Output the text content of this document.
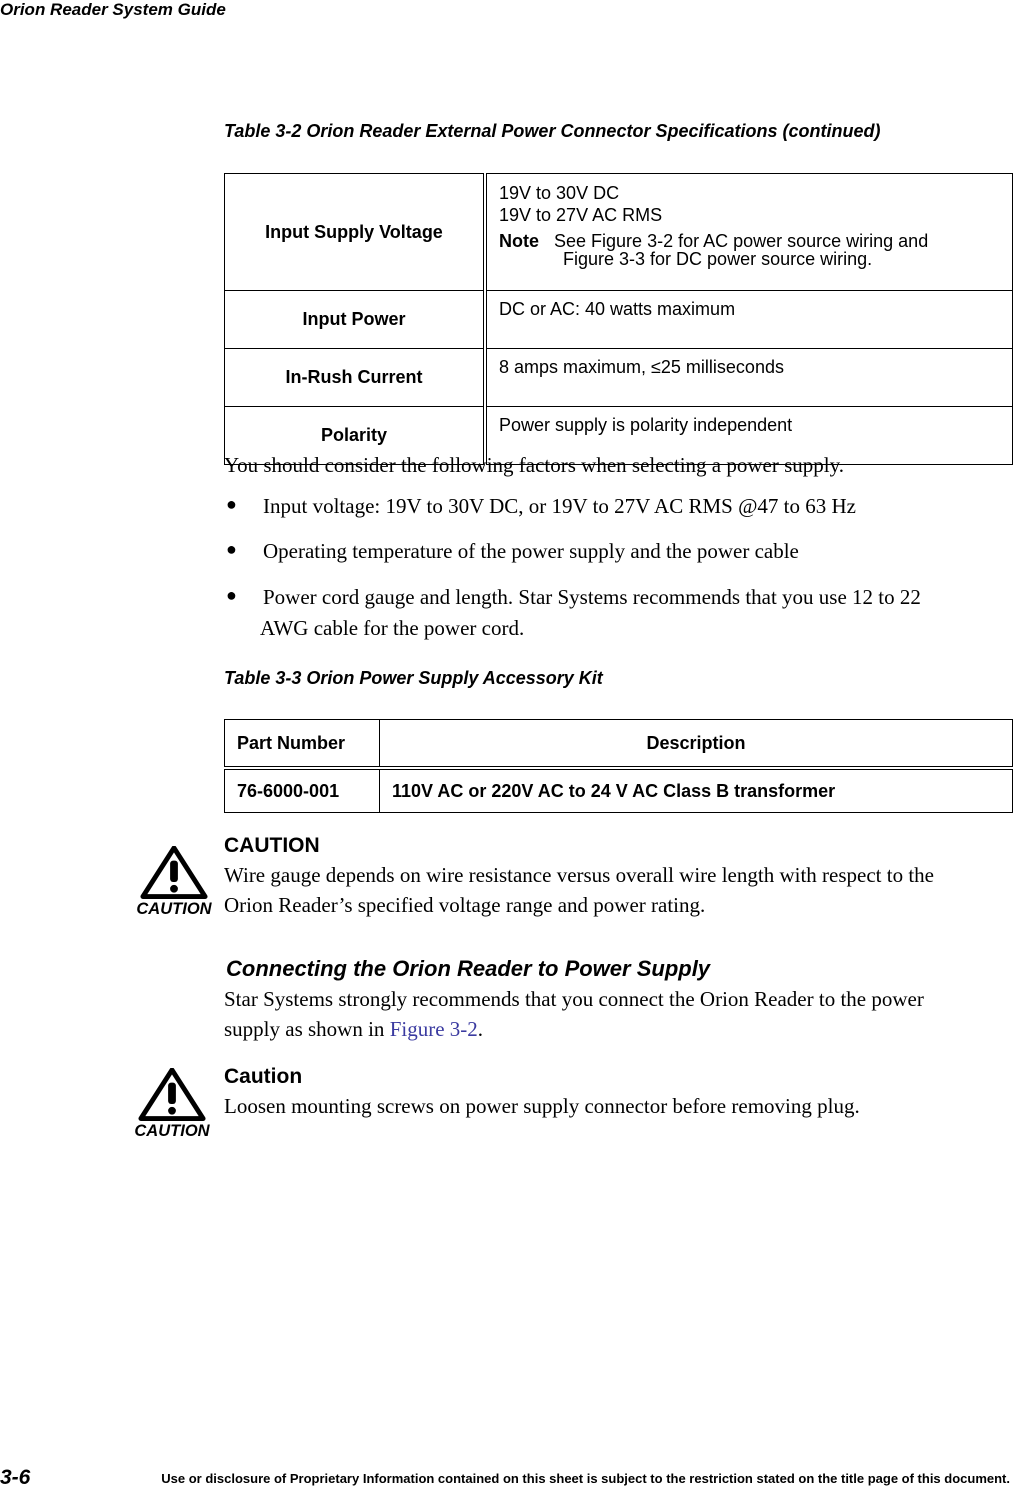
Orion Reader System Guide
Table 3-2 Orion Reader External Power Connector Specifications (continued)
Input Supply Voltage	19V to 30V DC
19V to 27V AC RMS
Note See Figure 3-2 for AC power source wiring and
Figure 3-3 for DC power source wiring.

Input Power	DC or AC: 40 watts maximum
In-Rush Current	8 amps maximum, ≤25 milliseconds
Polarity	Power supply is polarity independent
You should consider the following factors when selecting a power supply.
● Input voltage: 19V to 30V DC, or 19V to 27V AC RMS @47 to 63 Hz
● Operating temperature of the power supply and the power cable
● Power cord gauge and length. Star Systems recommends that you use 12 to 22
AWG cable for the power cord.
Table 3-3 Orion Power Supply Accessory Kit
Part Number	Description
76-6000-001	110V AC or 220V AC to 24 V AC Class B transformer
CAUTION
CAUTION
Wire gauge depends on wire resistance versus overall wire length with respect to the
Orion Reader’s specified voltage range and power rating.
Connecting the Orion Reader to Power Supply
Star Systems strongly recommends that you connect the Orion Reader to the power
supply as shown in Figure 3-2.
CAUTION
Caution
Loosen mounting screws on power supply connector before removing plug.
3-6	Use or disclosure of Proprietary Information contained on this sheet is subject to the restriction stated on the title page of this document.
